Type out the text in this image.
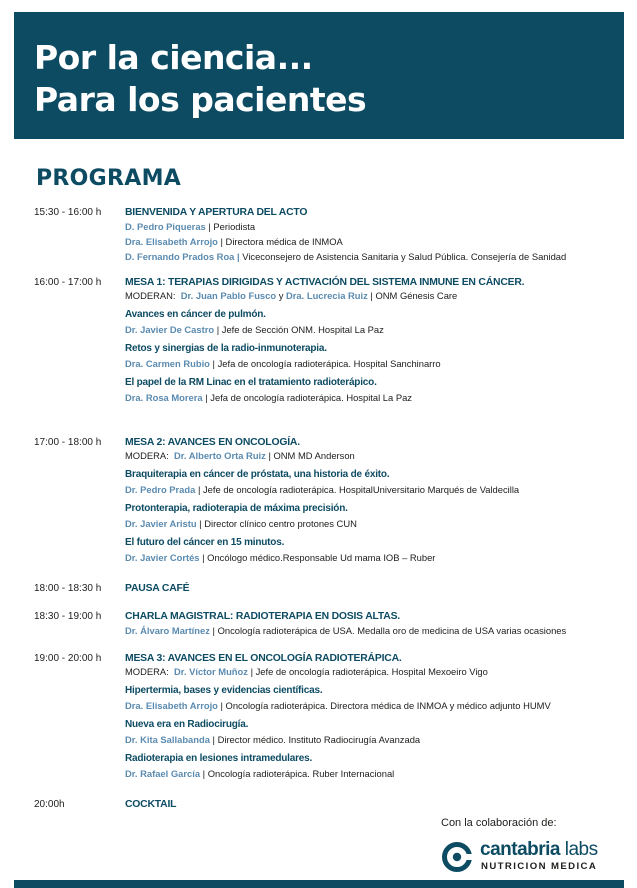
Por la ciencia...
Para los pacientes
PROGRAMA
15:30 - 16:00 h BIENVENIDA Y APERTURA DEL ACTO
D. Pedro Piqueras | Periodista
Dra. Elisabeth Arrojo | Directora médica de INMOA
D. Fernando Prados Roa | Viceconsejero de Asistencia Sanitaria y Salud Pública. Consejería de Sanidad
16:00 - 17:00 h MESA 1: TERAPIAS DIRIGIDAS Y ACTIVACIÓN DEL SISTEMA INMUNE EN CÁNCER.
MODERAN: Dr. Juan Pablo Fusco y Dra. Lucrecia Ruiz | ONM Génesis Care
Avances en cáncer de pulmón.
Dr. Javier De Castro | Jefe de Sección ONM. Hospital La Paz
Retos y sinergias de la radio-inmunoterapia.
Dra. Carmen Rubio | Jefa de oncología radioterápica. Hospital Sanchinarro
El papel de la RM Linac en el tratamiento radioterápico.
Dra. Rosa Morera | Jefa de oncología radioterápica. Hospital La Paz
17:00 - 18:00 h MESA 2: AVANCES EN ONCOLOGÍA.
MODERA: Dr. Alberto Orta Ruiz | ONM MD Anderson
Braquiterapia en cáncer de próstata, una historia de éxito.
Dr. Pedro Prada | Jefe de oncología radioterápica. HospitalUniversitario Marqués de Valdecilla
Protonterapia, radioterapia de máxima precisión.
Dr. Javier Aristu | Director clínico centro protones CUN
El futuro del cáncer en 15 minutos.
Dr. Javier Cortés | Oncólogo médico.Responsable Ud mama IOB – Ruber
18:00 - 18:30 h PAUSA CAFÉ
18:30 - 19:00 h CHARLA MAGISTRAL: RADIOTERAPIA EN DOSIS ALTAS.
Dr. Álvaro Martínez | Oncología radioterápica de USA. Medalla oro de medicina de USA varias ocasiones
19:00 - 20:00 h MESA 3: AVANCES EN EL ONCOLOGÍA RADIOTERÁPICA.
MODERA: Dr. Víctor Muñoz | Jefe de oncología radioterápica. Hospital Mexoeiro Vigo
Hipertermia, bases y evidencias científicas.
Dra. Elisabeth Arrojo | Oncología radioterápica. Directora médica de INMOA y médico adjunto HUMV
Nueva era en Radiocirugía.
Dr. Kita Sallabanda | Director médico. Instituto Radiocirugía Avanzada
Radioterapia en lesiones intramedulares.
Dr. Rafael García | Oncología radioterápica. Ruber Internacional
20:00h	COCKTAIL
Con la colaboración de:
cantabria labs
NUTRICION MEDICA
